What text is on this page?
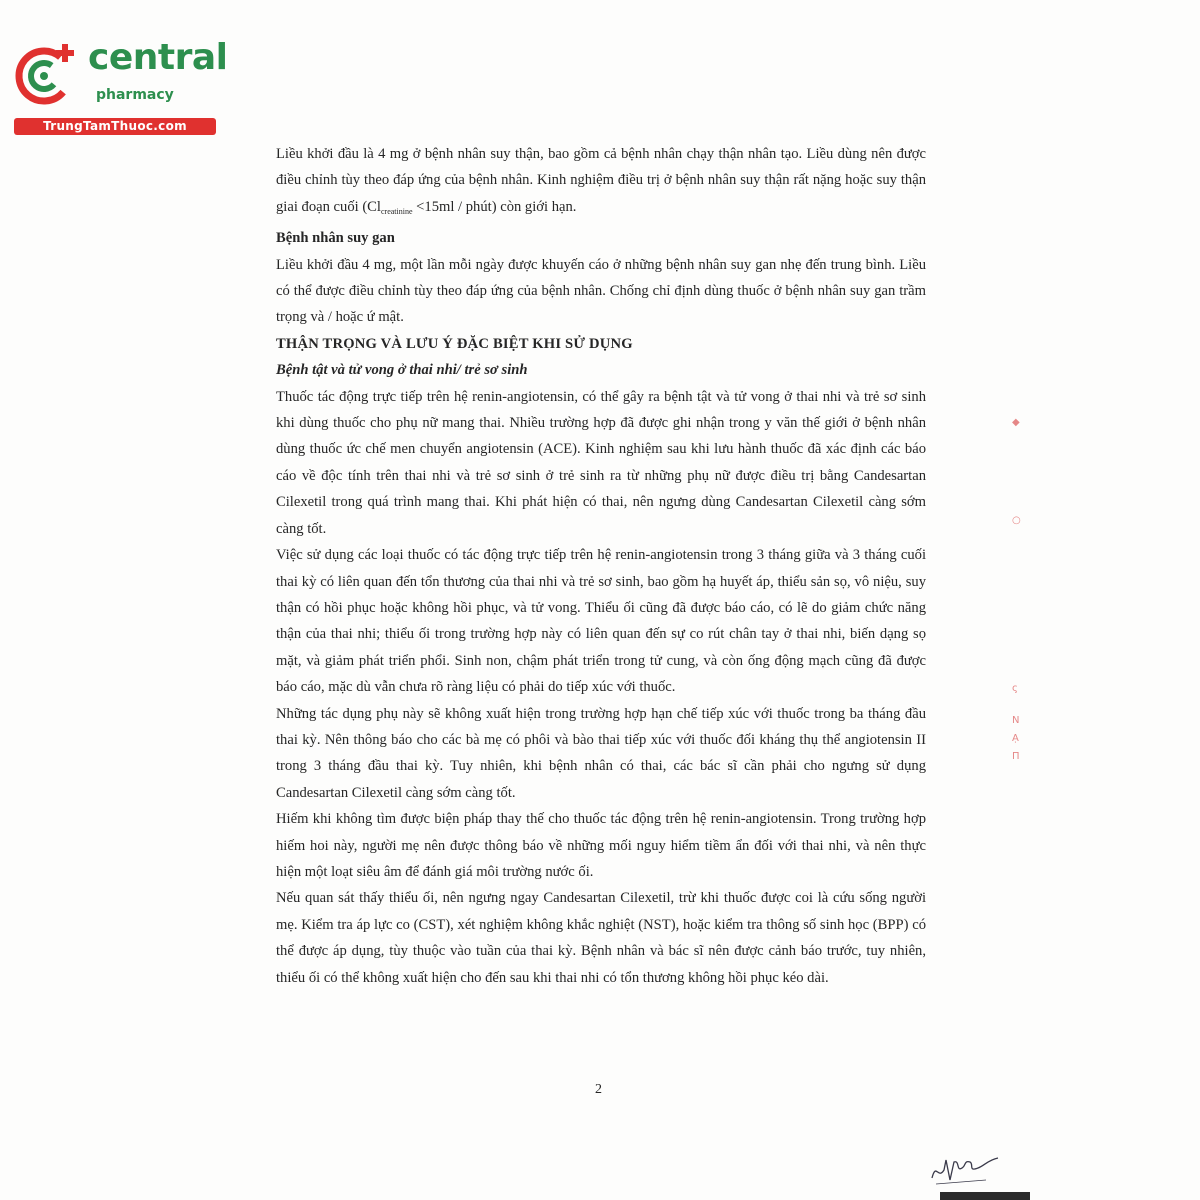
central
pharmacy
TrungTamThuoc.com

Liều khởi đầu là 4 mg ở bệnh nhân suy thận, bao gồm cả bệnh nhân chạy thận nhân tạo. Liều dùng nên được điều chỉnh tùy theo đáp ứng của bệnh nhân. Kinh nghiệm điều trị ở bệnh nhân suy thận rất nặng hoặc suy thận giai đoạn cuối ($Cl_{creatinine} <15ml$ / phút) còn giới hạn.

Bệnh nhân suy gan

Liều khởi đầu 4 mg, một lần mỗi ngày được khuyến cáo ở những bệnh nhân suy gan nhẹ đến trung bình. Liều có thể được điều chỉnh tùy theo đáp ứng của bệnh nhân. Chống chỉ định dùng thuốc ở bệnh nhân suy gan trầm trọng và / hoặc ứ mật.

THẬN TRỌNG VÀ LƯU Ý ĐẶC BIỆT KHI SỬ DỤNG
Bệnh tật và tử vong ở thai nhi/ trẻ sơ sinh

Thuốc tác động trực tiếp trên hệ renin-angiotensin, có thể gây ra bệnh tật và tử vong ở thai nhi và trẻ sơ sinh khi dùng thuốc cho phụ nữ mang thai. Nhiều trường hợp đã được ghi nhận trong y văn thế giới ở bệnh nhân dùng thuốc ức chế men chuyển angiotensin (ACE). Kinh nghiệm sau khi lưu hành thuốc đã xác định các báo cáo về độc tính trên thai nhi và trẻ sơ sinh ở trẻ sinh ra từ những phụ nữ được điều trị bằng Candesartan Cilexetil trong quá trình mang thai. Khi phát hiện có thai, nên ngưng dùng Candesartan Cilexetil càng sớm càng tốt.

Việc sử dụng các loại thuốc có tác động trực tiếp trên hệ renin-angiotensin trong 3 tháng giữa và 3 tháng cuối thai kỳ có liên quan đến tổn thương của thai nhi và trẻ sơ sinh, bao gồm hạ huyết áp, thiểu sản sọ, vô niệu, suy thận có hồi phục hoặc không hồi phục, và tử vong. Thiểu ối cũng đã được báo cáo, có lẽ do giảm chức năng thận của thai nhi; thiểu ối trong trường hợp này có liên quan đến sự co rút chân tay ở thai nhi, biến dạng sọ mặt, và giảm phát triển phổi. Sinh non, chậm phát triển trong tử cung, và còn ống động mạch cũng đã được báo cáo, mặc dù vẫn chưa rõ ràng liệu có phải do tiếp xúc với thuốc.

Những tác dụng phụ này sẽ không xuất hiện trong trường hợp hạn chế tiếp xúc với thuốc trong ba tháng đầu thai kỳ. Nên thông báo cho các bà mẹ có phôi và bào thai tiếp xúc với thuốc đối kháng thụ thể angiotensin II trong 3 tháng đầu thai kỳ. Tuy nhiên, khi bệnh nhân có thai, các bác sĩ cần phải cho ngưng sử dụng Candesartan Cilexetil càng sớm càng tốt.

Hiếm khi không tìm được biện pháp thay thế cho thuốc tác động trên hệ renin-angiotensin. Trong trường hợp hiếm hoi này, người mẹ nên được thông báo về những mối nguy hiểm tiềm ẩn đối với thai nhi, và nên thực hiện một loạt siêu âm để đánh giá môi trường nước ối.

Nếu quan sát thấy thiểu ối, nên ngưng ngay Candesartan Cilexetil, trừ khi thuốc được coi là cứu sống người mẹ. Kiểm tra áp lực co (CST), xét nghiệm không khắc nghiệt (NST), hoặc kiểm tra thông số sinh học (BPP) có thể được áp dụng, tùy thuộc vào tuần của thai kỳ. Bệnh nhân và bác sĩ nên được cảnh báo trước, tuy nhiên, thiểu ối có thể không xuất hiện cho đến sau khi thai nhi có tổn thương không hồi phục kéo dài.

2
◆
○
ς
N
Ạ
Π
